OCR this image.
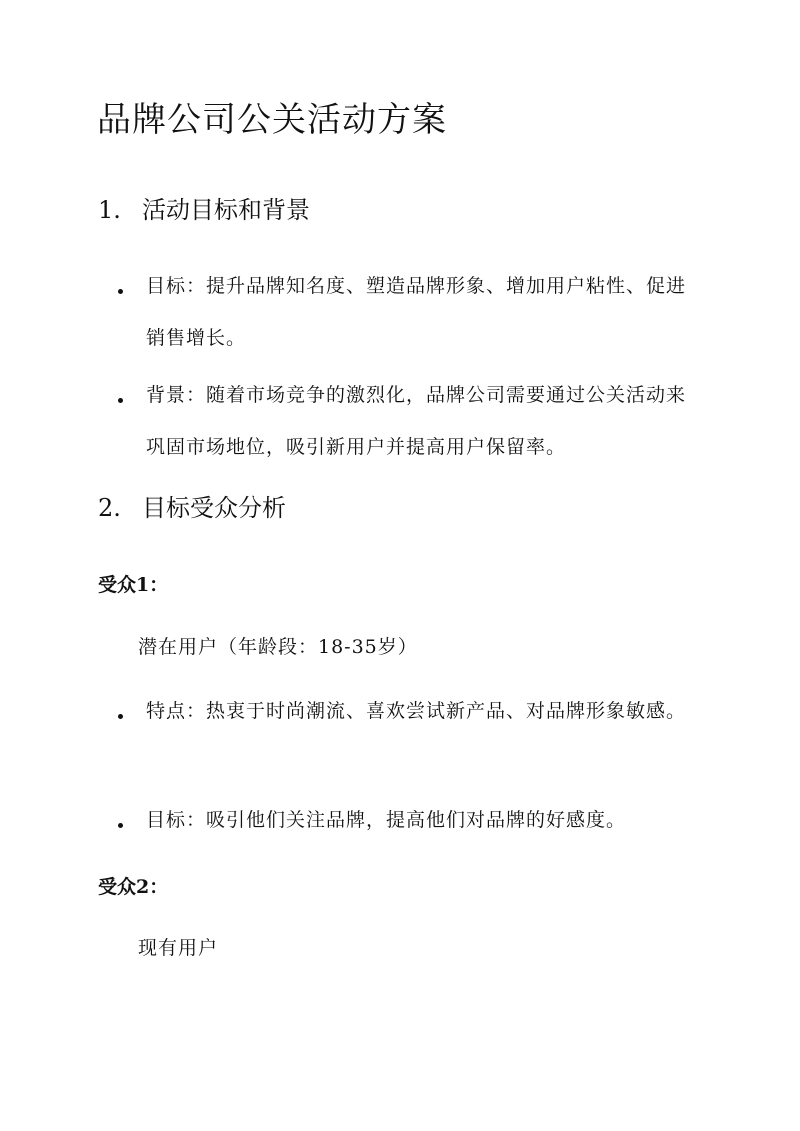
品牌公司公关活动方案
1. 活动目标和背景
目标：提升品牌知名度、塑造品牌形象、增加用户粘性、促进销售增长。
背景：随着市场竞争的激烈化，品牌公司需要通过公关活动来巩固市场地位，吸引新用户并提高用户保留率。
2. 目标受众分析
受众1：
潜在用户（年龄段：18-35岁）
特点：热衷于时尚潮流、喜欢尝试新产品、对品牌形象敏感。
目标：吸引他们关注品牌，提高他们对品牌的好感度。
受众2：
现有用户
